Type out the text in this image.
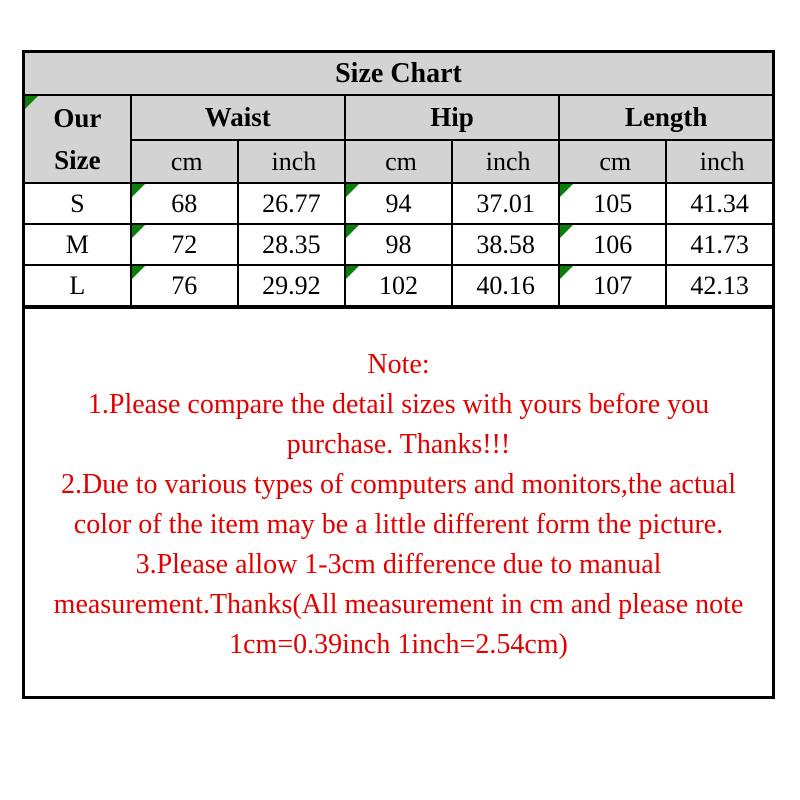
Size Chart						

Our
Size	Waist		Hip		Length	
	cm	inch	cm	inch	cm	inch
S	68	26.77	94	37.01	105	41.34
M	72	28.35	98	38.58	106	41.73
L	76	29.92	102	40.16	107	42.13

Note:

1.Please compare the detail sizes with yours before you purchase. Thanks!!!

2.Due to various types of computers and monitors,the actual color of the item may be a little different form the picture.

3.Please allow 1-3cm difference due to manual measurement.Thanks(All measurement in cm and please note 1cm=0.39inch 1inch=2.54cm)
